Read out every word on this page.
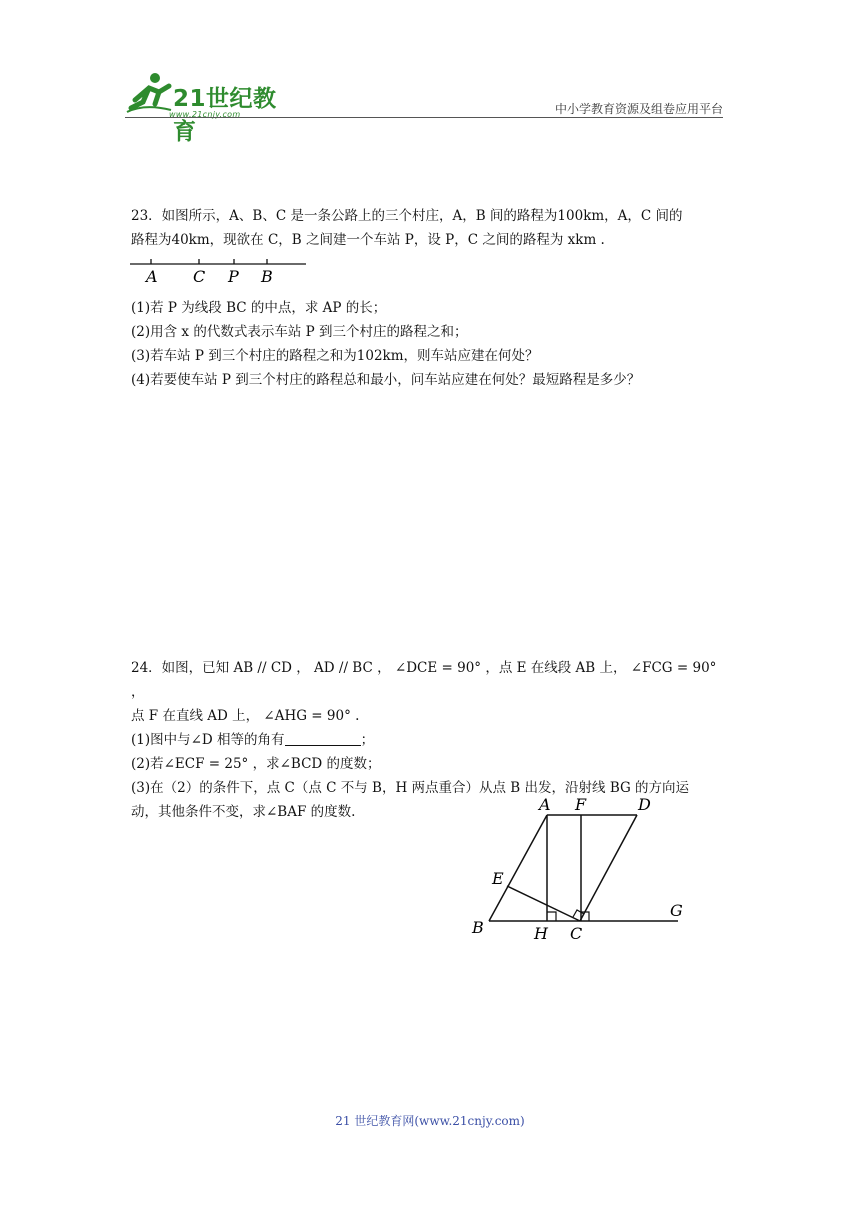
21世纪教育
www.21cnjy.com	中小学教育资源及组卷应用平台

23．如图所示，A、B、C 是一条公路上的三个村庄，A，B 间的路程为100km，A，C 间的

路程为40km，现欲在 C，B 之间建一个车站 P，设 P，C 之间的路程为 xkm .

A C P B

(1)若 P 为线段 BC 的中点，求 AP 的长；

(2)用含 x 的代数式表示车站 P 到三个村庄的路程之和；

(3)若车站 P 到三个村庄的路程之和为102km，则车站应建在何处？

(4)若要使车站 P 到三个村庄的路程总和最小，问车站应建在何处？最短路程是多少？

24．如图，已知 AB // CD ， AD // BC ， ∠DCE = 90° ，点 E 在线段 AB 上， ∠FCG = 90° ，

点 F 在直线 AD 上， ∠AHG = 90° .

(1)图中与∠D 相等的角有	；

(2)若∠ECF = 25° ，求∠BCD 的度数；

(3)在（2）的条件下，点 C（点 C 不与 B，H 两点重合）从点 B 出发，沿射线 BG 的方向运

动，其他条件不变，求∠BAF 的度数.	A F	D
E
B	H C
G
21 世纪教育网(www.21cnjy.com)
